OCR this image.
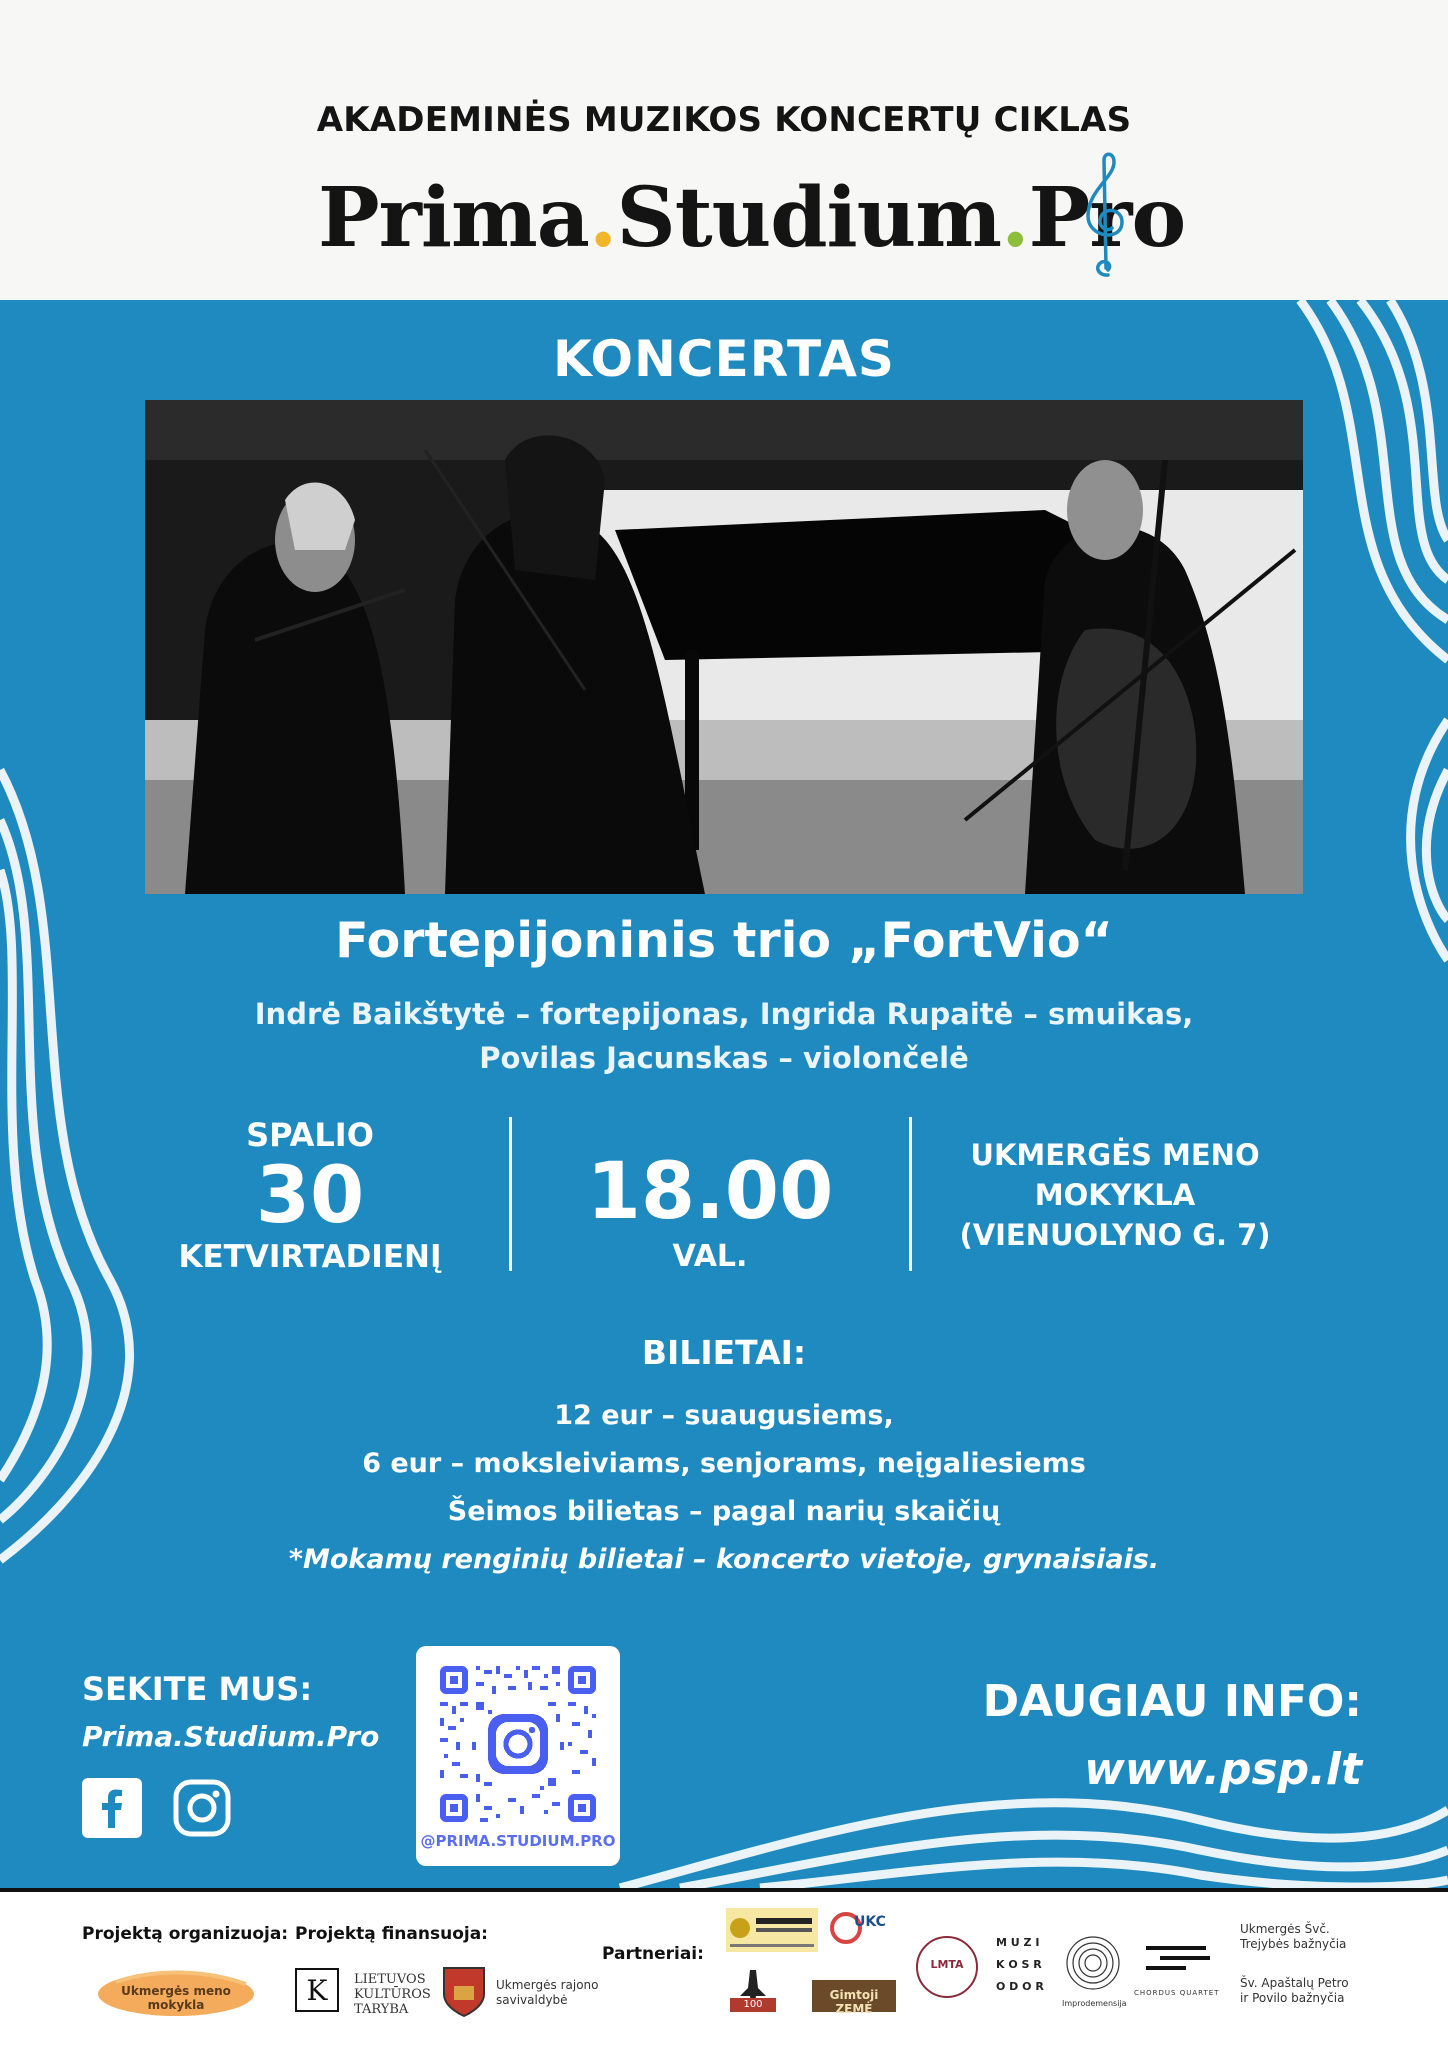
AKADEMINĖS MUZIKOS KONCERTŲ CIKLAS
Prima.Studium.Pro
KONCERTAS
Fortepijoninis trio „FortVio“
Indrė Baikštytė – fortepijonas, Ingrida Rupaitė – smuikas,
Povilas Jacunskas – violončelė
SPALIO
30
KETVIRTADIENĮ
18.00
VAL.
UKMERGĖS MENO
MOKYKLA
(VIENUOLYNO G. 7)
BILIETAI:
12 eur – suaugusiems,
6 eur – moksleiviams, senjorams, neįgaliesiems
Šeimos bilietas – pagal narių skaičių
*Mokamų renginių bilietai – koncerto vietoje, grynaisiais.
SEKITE MUS:
Prima.Studium.Pro
@PRIMA.STUDIUM.PRO
DAUGIAU INFO:
www.psp.lt
Projektą organizuoja: Projektą finansuoja:
Partneriai:
Ukmergės meno mokykla	K	LIETUVOS
KULTŪROS
TARYBA
Ukmergės rajono
savivaldybė
UKC
100
Gimtoji ZEMĖ
LMTA
M U Z I
K O S R
O D O R
Improdemensija
CHORDUS QUARTET
Ukmergės Švč.
Trejybės bažnyčia
Šv. Apaštalų Petro
ir Povilo bažnyčia
